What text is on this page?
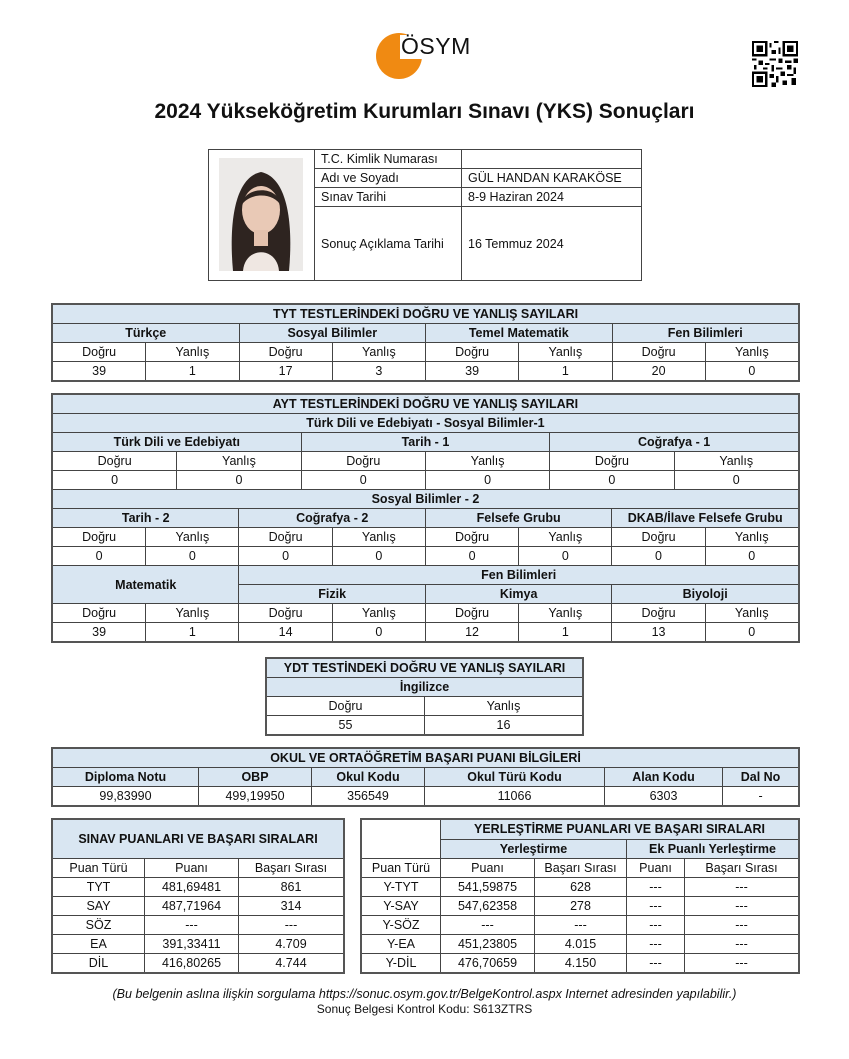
ÖSYM
2024 Yükseköğretim Kurumları Sınavı (YKS) Sonuçları
	T.C. Kimlik Numarası	
	Adı ve Soyadı	GÜL HANDAN KARAKÖSE
	Sınav Tarihi	8-9 Haziran 2024
	Sonuç Açıklama Tarihi	16 Temmuz 2024
TYT TESTLERİNDEKİ DOĞRU VE YANLIŞ SAYILARI							
Türkçe		Sosyal Bilimler		Temel Matematik		Fen Bilimleri	
Doğru	Yanlış	Doğru	Yanlış	Doğru	Yanlış	Doğru	Yanlış
39	1	17	3	39	1	20	0
AYT TESTLERİNDEKİ DOĞRU VE YANLIŞ SAYILARI											
Türk Dili ve Edebiyatı - Sosyal Bilimler-1											
Türk Dili ve Edebiyatı				Tarih - 1				Coğrafya - 1			
Doğru		Yanlış		Doğru		Yanlış		Doğru		Yanlış	
0		0		0		0		0		0	
Sosyal Bilimler - 2											
Tarih - 2			Coğrafya - 2			Felsefe Grubu			DKAB/İlave Felsefe Grubu		
Doğru	Yanlış		Doğru		Yanlış	Doğru	Yanlış		Doğru		Yanlış
0	0		0		0	0	0		0		0
Matematik			Fen Bilimleri								
			Fizik			Kimya			Biyoloji		
Doğru	Yanlış		Doğru		Yanlış	Doğru	Yanlış		Doğru		Yanlış
39	1		14		0	12	1		13		0
YDT TESTİNDEKİ DOĞRU VE YANLIŞ SAYILARI	
İngilizce	
Doğru	Yanlış
55	16
OKUL VE ORTAÖĞRETİM BAŞARI PUANI BİLGİLERİ					
Diploma Notu	OBP	Okul Kodu	Okul Türü Kodu	Alan Kodu	Dal No
99,83990	499,19950	356549	11066	6303	-
SINAV PUANLARI VE BAŞARI SIRALARI		
Puan Türü	Puanı	Başarı Sırası
TYT	481,69481	861
SAY	487,71964	314
SÖZ	---	---
EA	391,33411	4.709
DİL	416,80265	4.744
	YERLEŞTİRME PUANLARI VE BAŞARI SIRALARI			
	Yerleştirme		Ek Puanlı Yerleştirme	
Puan Türü	Puanı	Başarı Sırası	Puanı	Başarı Sırası
Y-TYT	541,59875	628	---	---
Y-SAY	547,62358	278	---	---
Y-SÖZ	---	---	---	---
Y-EA	451,23805	4.015	---	---
Y-DİL	476,70659	4.150	---	---
(Bu belgenin aslına ilişkin sorgulama https://sonuc.osym.gov.tr/BelgeKontrol.aspx Internet adresinden yapılabilir.)
Sonuç Belgesi Kontrol Kodu: S613ZTRS
